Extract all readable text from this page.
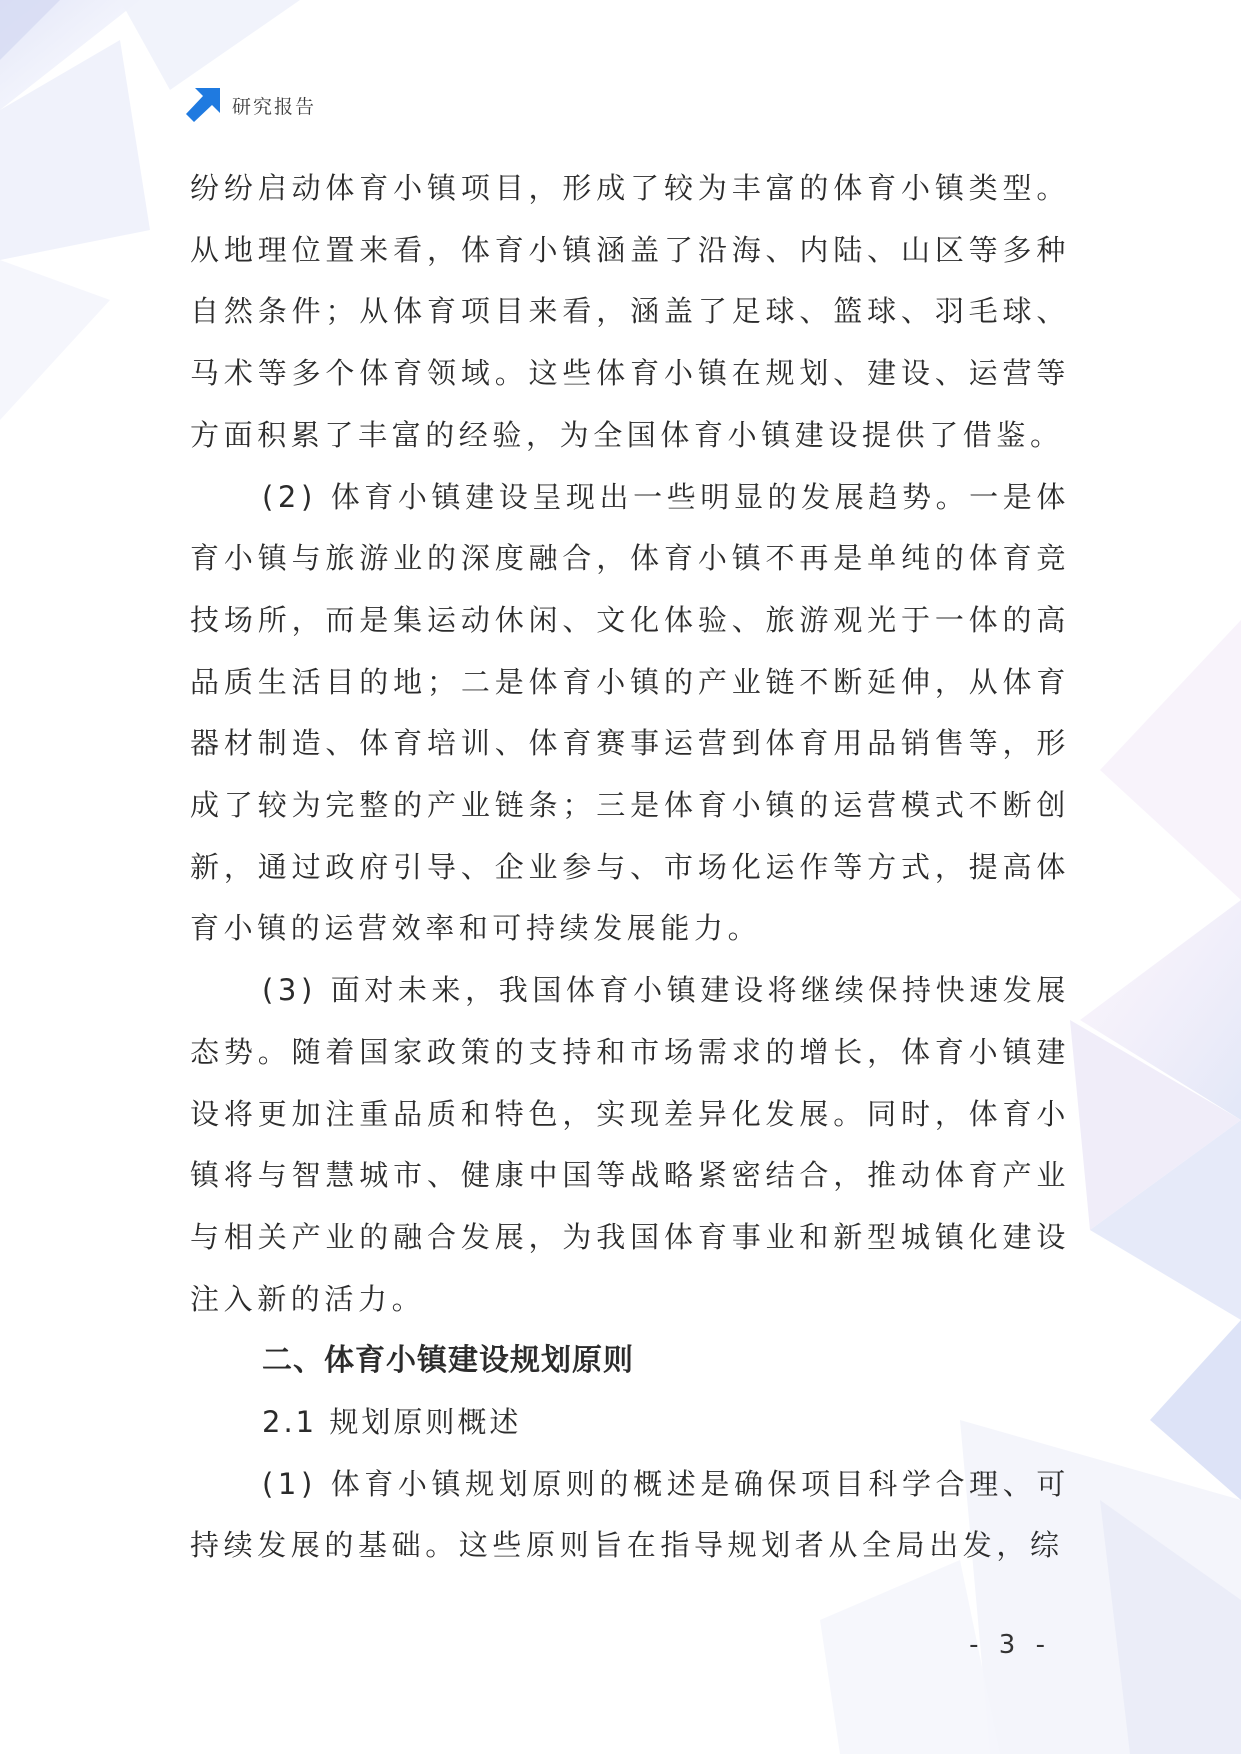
研究报告

纷纷启动体育小镇项目，形成了较为丰富的体育小镇类型。从地理位置来看，体育小镇涵盖了沿海、内陆、山区等多种自然条件；从体育项目来看，涵盖了足球、篮球、羽毛球、马术等多个体育领域。这些体育小镇在规划、建设、运营等方面积累了丰富的经验，为全国体育小镇建设提供了借鉴。

(2) 体育小镇建设呈现出一些明显的发展趋势。一是体育小镇与旅游业的深度融合，体育小镇不再是单纯的体育竞技场所，而是集运动休闲、文化体验、旅游观光于一体的高品质生活目的地；二是体育小镇的产业链不断延伸，从体育器材制造、体育培训、体育赛事运营到体育用品销售等，形成了较为完整的产业链条；三是体育小镇的运营模式不断创新，通过政府引导、企业参与、市场化运作等方式，提高体育小镇的运营效率和可持续发展能力。

(3) 面对未来，我国体育小镇建设将继续保持快速发展态势。随着国家政策的支持和市场需求的增长，体育小镇建设将更加注重品质和特色，实现差异化发展。同时，体育小镇将与智慧城市、健康中国等战略紧密结合，推动体育产业与相关产业的融合发展，为我国体育事业和新型城镇化建设注入新的活力。

二、体育小镇建设规划原则

2.1 规划原则概述

(1) 体育小镇规划原则的概述是确保项目科学合理、可持续发展的基础。这些原则旨在指导规划者从全局出发，综

- 3 -
